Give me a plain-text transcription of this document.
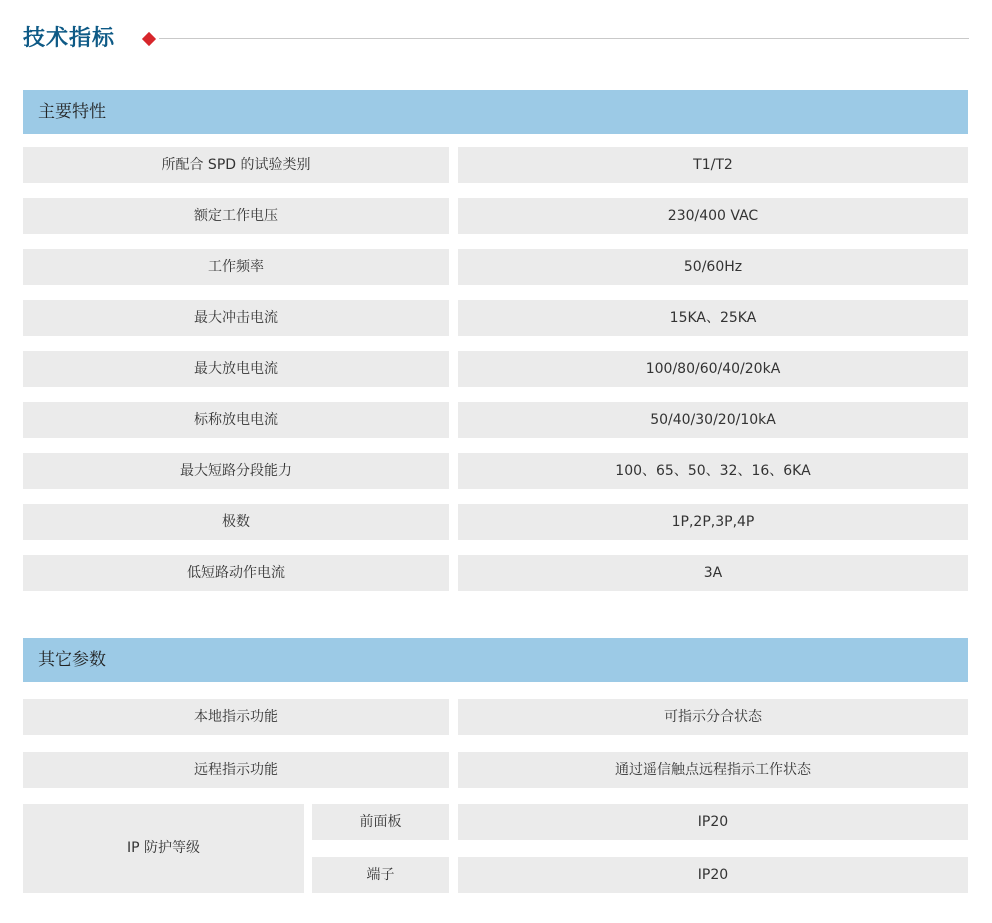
技术指标
主要特性
所配合 SPD 的试验类别	T1/T2
额定工作电压	230/400 VAC
工作频率	50/60Hz
最大冲击电流	15KA、25KA
最大放电电流	100/80/60/40/20kA
标称放电电流	50/40/30/20/10kA
最大短路分段能力	100、65、50、32、16、6KA
极数	1P,2P,3P,4P
低短路动作电流	3A
其它参数
本地指示功能	可指示分合状态
远程指示功能	通过遥信触点远程指示工作状态
IP 防护等级
前面板	IP20
端子	IP20
